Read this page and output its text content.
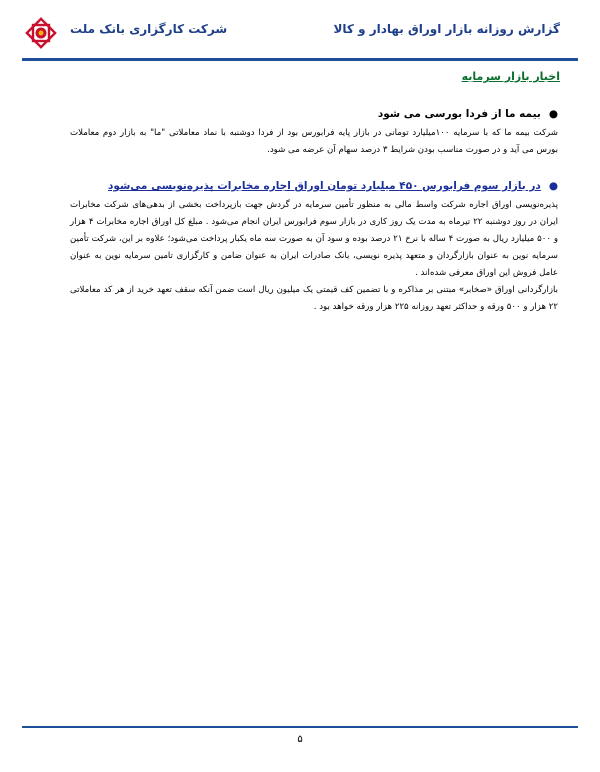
گزارش روزانه بازار اوراق بهادار و کالا
شرکت کارگزاری بانک ملت
اخبار بازار سرمایه
●بیمه ما از فردا بورسی می شود
شرکت بیمه ما که با سرمایه ۱۰۰میلیارد تومانی در بازار پایه فرابورس بود از فردا دوشنبه با نماد معاملاتی "ما" به بازار دوم معاملات بورس می آید و در صورت مناسب بودن شرایط ۳ درصد سهام آن عرضه می شود.
●در بازار سوم فرابورس ۴۵۰ میلیارد تومان اوراق اجاره مخابرات پذیره‌نویسی می‌شود
پذیره‌نویسی اوراق اجاره شرکت واسط مالی به منظور تأمین سرمایه در گردش جهت بازپرداخت بخشی از بدهی‌های شرکت مخابرات ایران در روز دوشنبه ۲۲ تیرماه به مدت یک روز کاری در بازار سوم فرابورس ایران انجام می‌شود . مبلغ کل اوراق اجاره مخابرات ۴ هزار و ۵۰۰ میلیارد ریال به صورت ۴ ساله با نرخ ۲۱ درصد بوده و سود آن به صورت سه ماه یکبار پرداخت می‌شود؛ علاوه بر این، شرکت تأمین سرمایه نوین به عنوان بازارگردان و متعهد پذیره نویسی، بانک صادرات ایران به عنوان ضامن و کارگزاری تامین سرمایه نوین به عنوان عامل فروش این اوراق معرفی شده‌اند .
بازارگردانی اوراق «صخابر» مبتنی بر مذاکره و با تضمین کف قیمتی یک میلیون ریال است ضمن آنکه سقف تعهد خرید از هر کد معاملاتی ۲۲ هزار و ۵۰۰ ورقه و حداکثر تعهد روزانه ۲۲۵ هزار ورقه خواهد بود .
۵
